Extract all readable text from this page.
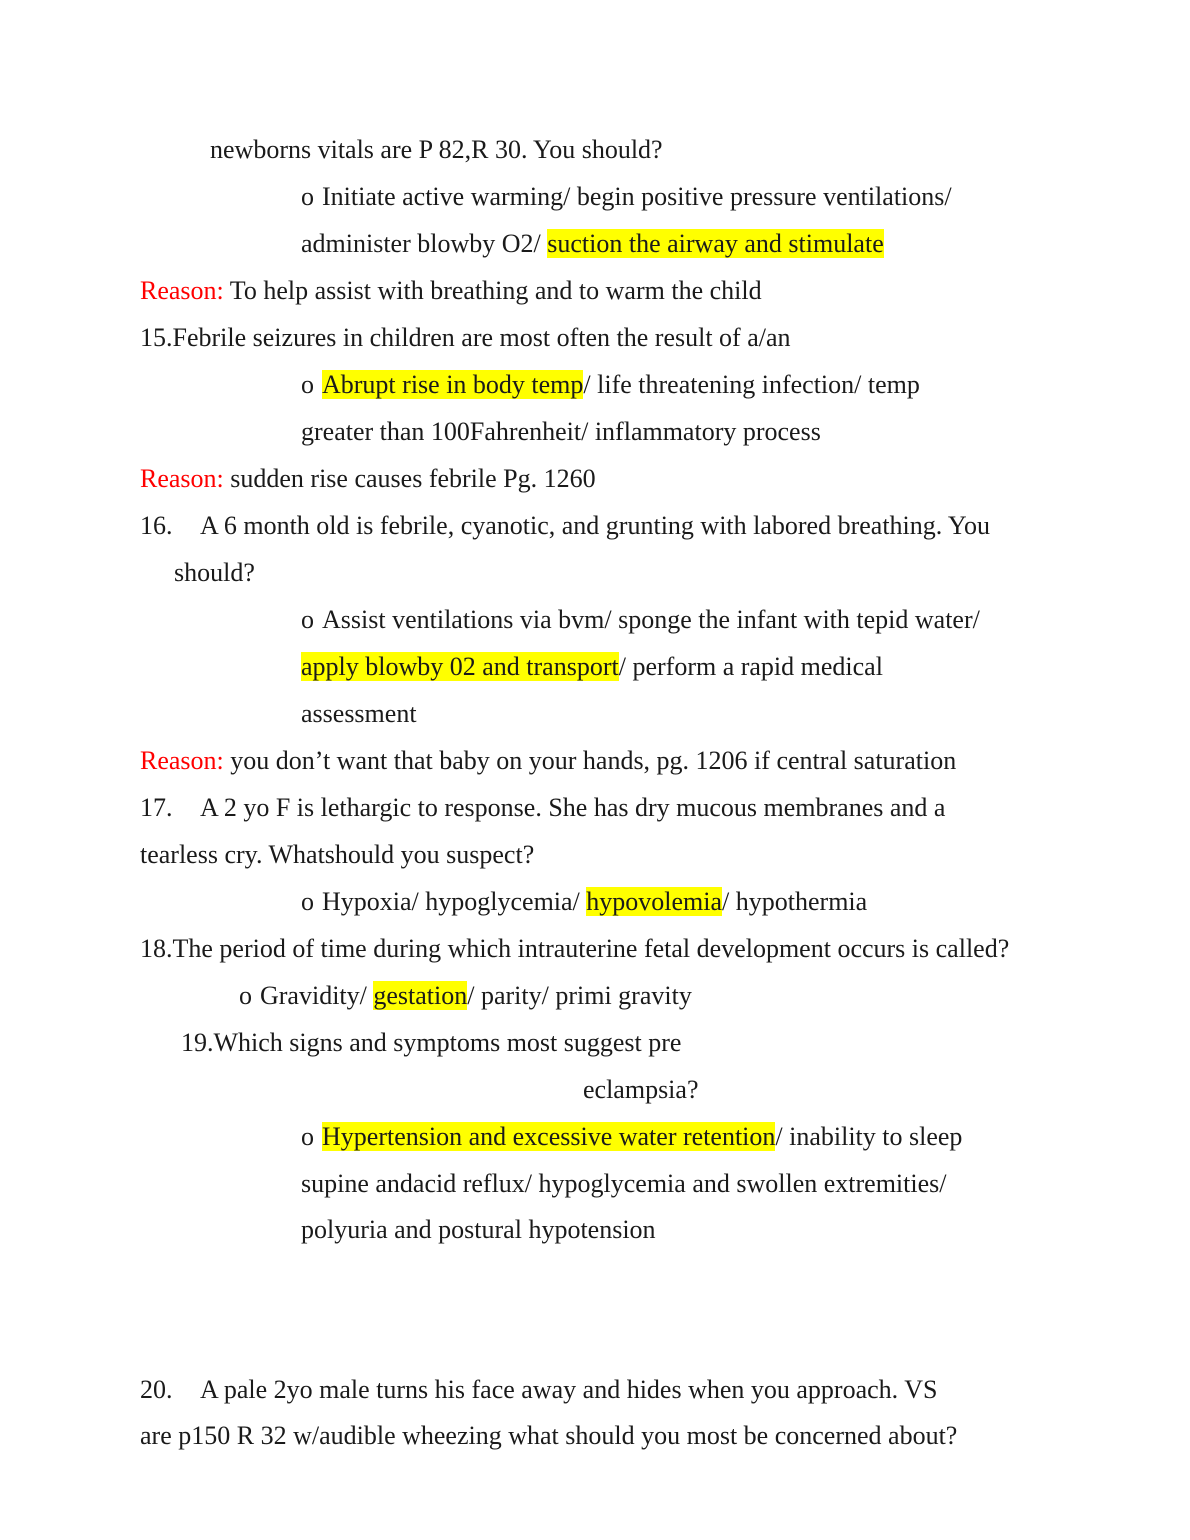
newborns vitals are P 82,R 30. You should?
o Initiate active warming/ begin positive pressure ventilations/
administer blowby O2/ suction the airway and stimulate
Reason: To help assist with breathing and to warm the child
15.Febrile seizures in children are most often the result of a/an
o Abrupt rise in body temp/ life threatening infection/ temp
greater than 100Fahrenheit/ inflammatory process
Reason: sudden rise causes febrile Pg. 1260
16. A 6 month old is febrile, cyanotic, and grunting with labored breathing. You
should?
o Assist ventilations via bvm/ sponge the infant with tepid water/
apply blowby 02 and transport/ perform a rapid medical
assessment
Reason: you don’t want that baby on your hands, pg. 1206 if central saturation
17. A 2 yo F is lethargic to response. She has dry mucous membranes and a
tearless cry. Whatshould you suspect?
o Hypoxia/ hypoglycemia/ hypovolemia/ hypothermia
18.The period of time during which intrauterine fetal development occurs is called?
o Gravidity/ gestation/ parity/ primi gravity
19.Which signs and symptoms most suggest pre
eclampsia?
o Hypertension and excessive water retention/ inability to sleep
supine andacid reflux/ hypoglycemia and swollen extremities/
polyuria and postural hypotension
20. A pale 2yo male turns his face away and hides when you approach. VS
are p150 R 32 w/audible wheezing what should you most be concerned about?
